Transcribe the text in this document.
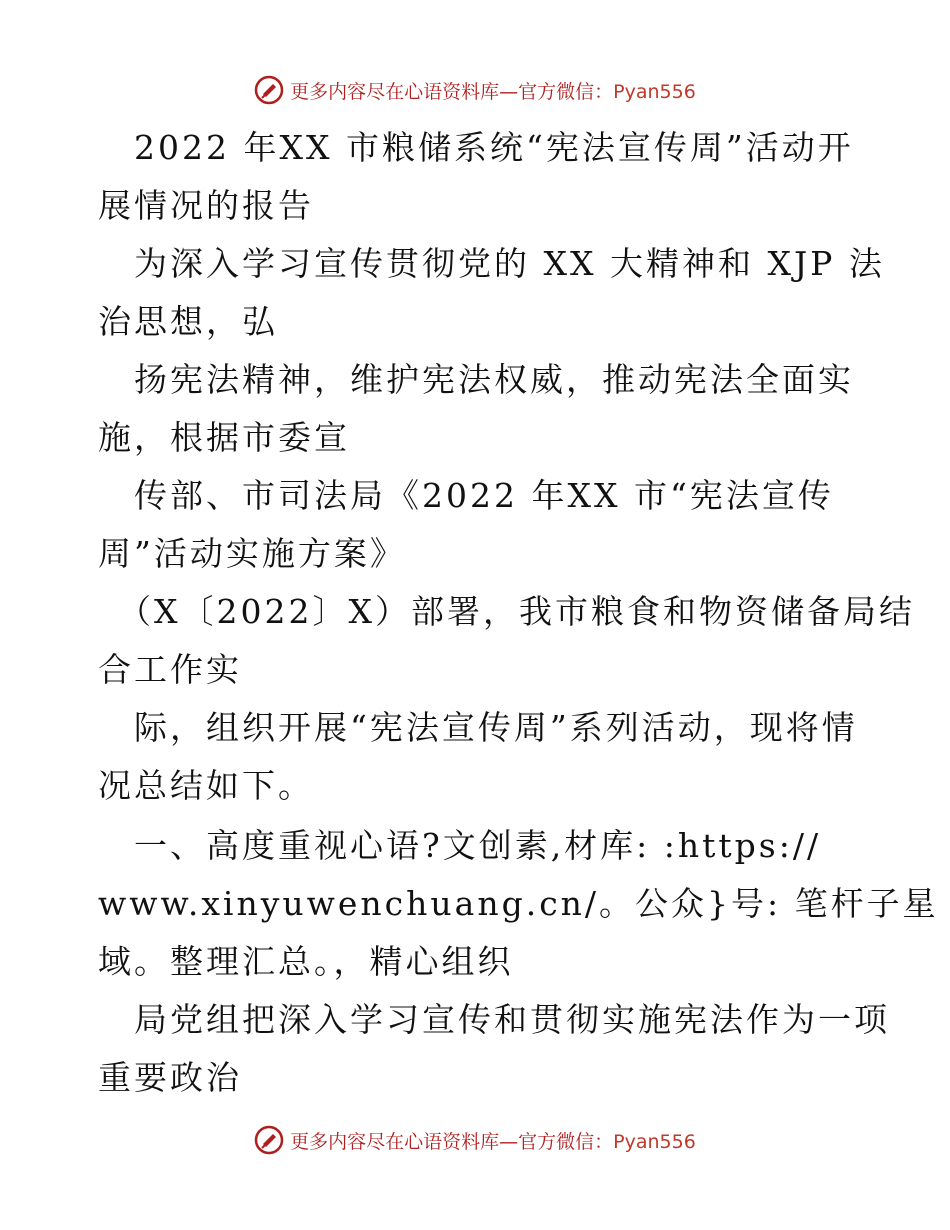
更多内容尽在心语资料库—官方微信：Pyan556
2022 年XX 市粮储系统“宪法宣传周”活动开
展情况的报告
为深入学习宣传贯彻党的 XX 大精神和 XJP 法
治思想，弘
扬宪法精神，维护宪法权威，推动宪法全面实
施，根据市委宣
传部、市司法局《2022 年XX 市“宪法宣传
周”活动实施方案》
（X〔2022〕X）部署，我市粮食和物资储备局结
合工作实
际，组织开展“宪法宣传周”系列活动，现将情
况总结如下。
一、高度重视心语?文创素,材库: :https://
www.xinyuwenchuang.cn/。公众}号: 笔杆子星
域。整理汇总。，精心组织
局党组把深入学习宣传和贯彻实施宪法作为一项
重要政治
更多内容尽在心语资料库—官方微信：Pyan556
